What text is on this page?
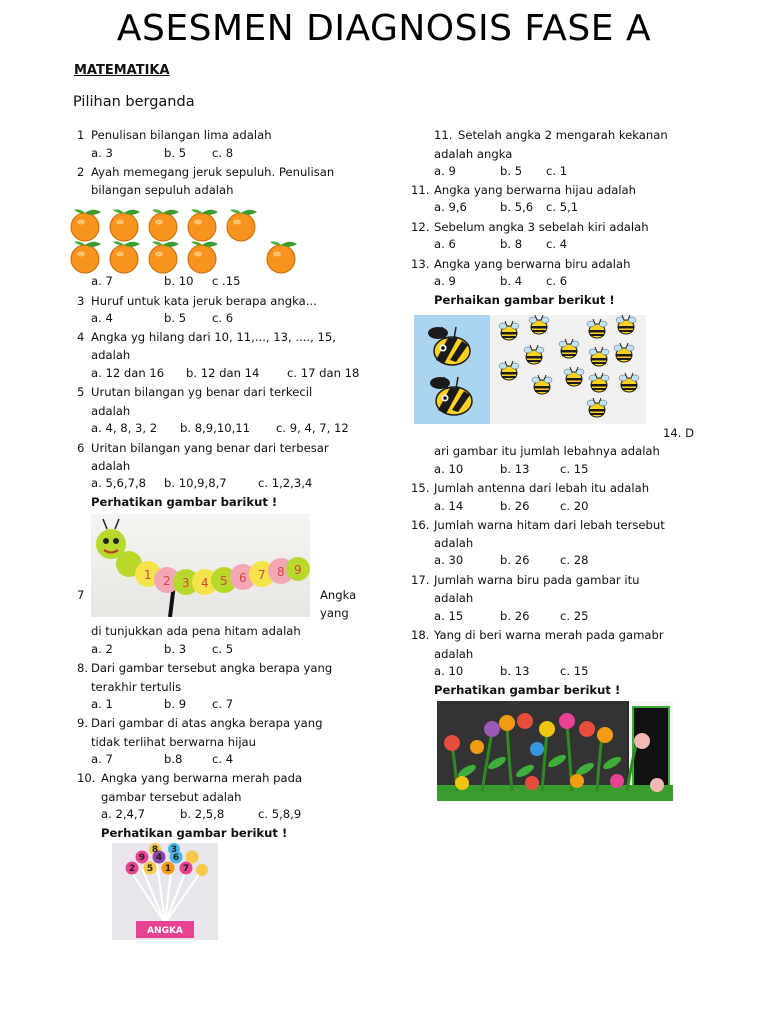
ASESMEN DIAGNOSIS FASE A
MATEMATIKA
Pilihan berganda
1 Penulisan bilangan lima adalah
a. 3	b. 5 c. 8
2 Ayah memegang jeruk sepuluh. Penulisan
bilangan sepuluh adalah
a. 7	b. 10 c .15
3 Huruf untuk kata jeruk berapa angka...
a. 4	b. 5 c. 6
4 Angka yg hilang dari 10, 11,..., 13, ...., 15,
adalah
a. 12 dan 16 b. 12 dan 14 c. 17 dan 18
5 Urutan bilangan yg benar dari terkecil
adalah
a. 4, 8, 3, 2 b. 8,9,10,11 c. 9, 4, 7, 12
6 Uritan bilangan yang benar dari terbesar
adalah
a. 5,6,7,8 b. 10,9,8,7	c. 1,2,3,4
Perhatikan gambar barikut !
1 2 3 4 5 6 7 8 9
7	Angka
yang
di tunjukkan ada pena hitam adalah
a. 2	b. 3 c. 5
8. Dari gambar tersebut angka berapa yang
terakhir tertulis
a. 1	b. 9 c. 7
9. Dari gambar di atas angka berapa yang
tidak terlihat berwarna hijau
a. 7	b.8	c. 4
10. Angka yang berwarna merah pada
gambar tersebut adalah
a. 2,4,7	b. 2,5,8	c. 5,8,9
Perhatikan gambar berikut !
8 3
9 4 6
2 5 1 7
ANGKA
11. Setelah angka 2 mengarah kekanan
adalah angka
a. 9	b. 5 c. 1
11. Angka yang berwarna hijau adalah
a. 9,6	b. 5,6 c. 5,1
12. Sebelum angka 3 sebelah kiri adalah
a. 6	b. 8 c. 4
13. Angka yang berwarna biru adalah
a. 9	b. 4 c. 6
Perhaikan gambar berikut !
14. D
ari gambar itu jumlah lebahnya adalah
a. 10	b. 13	c. 15
15. Jumlah antenna dari lebah itu adalah
a. 14	b. 26	c. 20
16. Jumlah warna hitam dari lebah tersebut
adalah
a. 30	b. 26	c. 28
17. Jumlah warna biru pada gambar itu
adalah
a. 15	b. 26	c. 25
18. Yang di beri warna merah pada gamabr
adalah
a. 10	b. 13	c. 15
Perhatikan gambar berikut !
